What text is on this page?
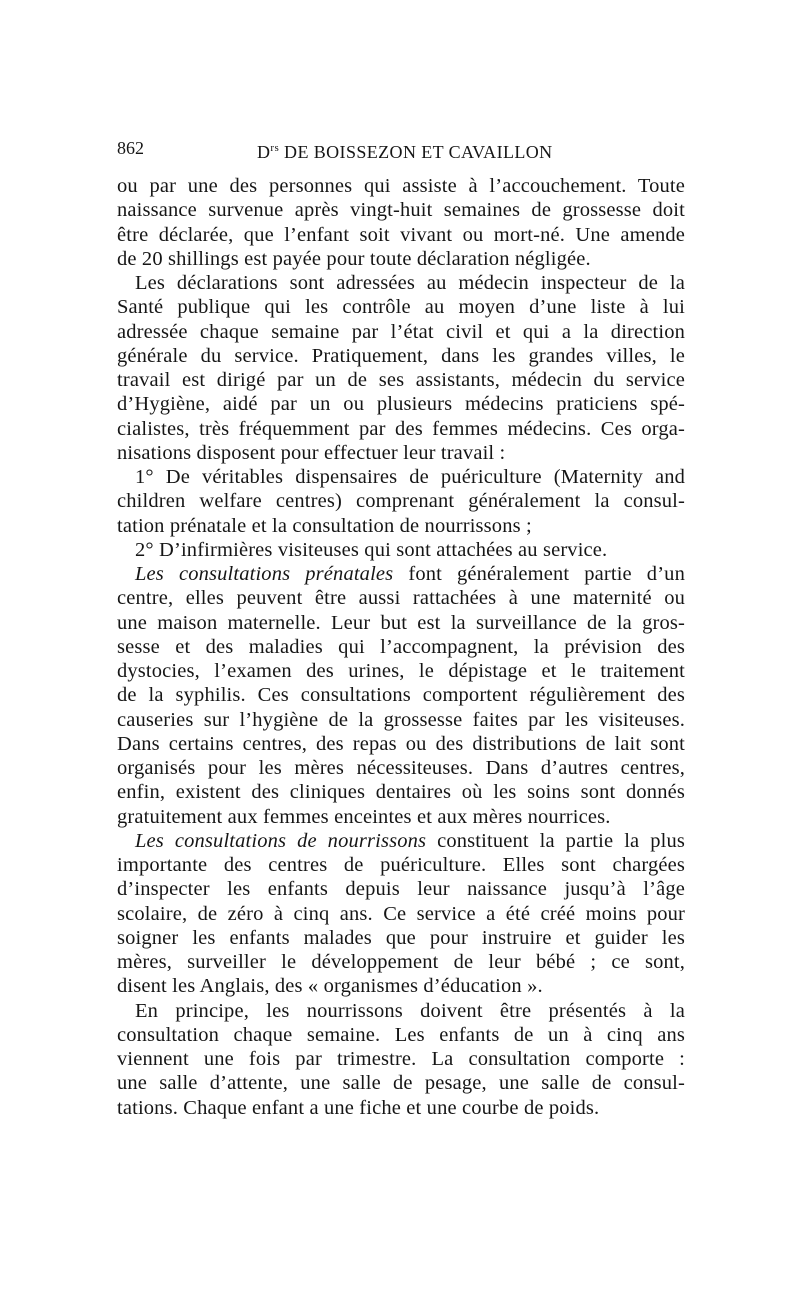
862	$D^{rs}$ DE BOISSEZON ET CAVAILLON
ou par une des personnes qui assiste à l’accouchement. Toute
naissance survenue après vingt-huit semaines de grossesse doit
être déclarée, que l’enfant soit vivant ou mort-né. Une amende
de 20 shillings est payée pour toute déclaration négligée.
Les déclarations sont adressées au médecin inspecteur de la
Santé publique qui les contrôle au moyen d’une liste à lui
adressée chaque semaine par l’état civil et qui a la direction
générale du service. Pratiquement, dans les grandes villes, le
travail est dirigé par un de ses assistants, médecin du service
d’Hygiène, aidé par un ou plusieurs médecins praticiens spé-
cialistes, très fréquemment par des femmes médecins. Ces orga-
nisations disposent pour effectuer leur travail :
1° De véritables dispensaires de puériculture (Maternity and
children welfare centres) comprenant généralement la consul-
tation prénatale et la consultation de nourrissons ;
2° D’infirmières visiteuses qui sont attachées au service.
Les consultations prénatales font généralement partie d’un
centre, elles peuvent être aussi rattachées à une maternité ou
une maison maternelle. Leur but est la surveillance de la gros-
sesse et des maladies qui l’accompagnent, la prévision des
dystocies, l’examen des urines, le dépistage et le traitement
de la syphilis. Ces consultations comportent régulièrement des
causeries sur l’hygiène de la grossesse faites par les visiteuses.
Dans certains centres, des repas ou des distributions de lait sont
organisés pour les mères nécessiteuses. Dans d’autres centres,
enfin, existent des cliniques dentaires où les soins sont donnés
gratuitement aux femmes enceintes et aux mères nourrices.
Les consultations de nourrissons constituent la partie la plus
importante des centres de puériculture. Elles sont chargées
d’inspecter les enfants depuis leur naissance jusqu’à l’âge
scolaire, de zéro à cinq ans. Ce service a été créé moins pour
soigner les enfants malades que pour instruire et guider les
mères, surveiller le développement de leur bébé ; ce sont,
disent les Anglais, des « organismes d’éducation ».
En principe, les nourrissons doivent être présentés à la
consultation chaque semaine. Les enfants de un à cinq ans
viennent une fois par trimestre. La consultation comporte :
une salle d’attente, une salle de pesage, une salle de consul-
tations. Chaque enfant a une fiche et une courbe de poids.
